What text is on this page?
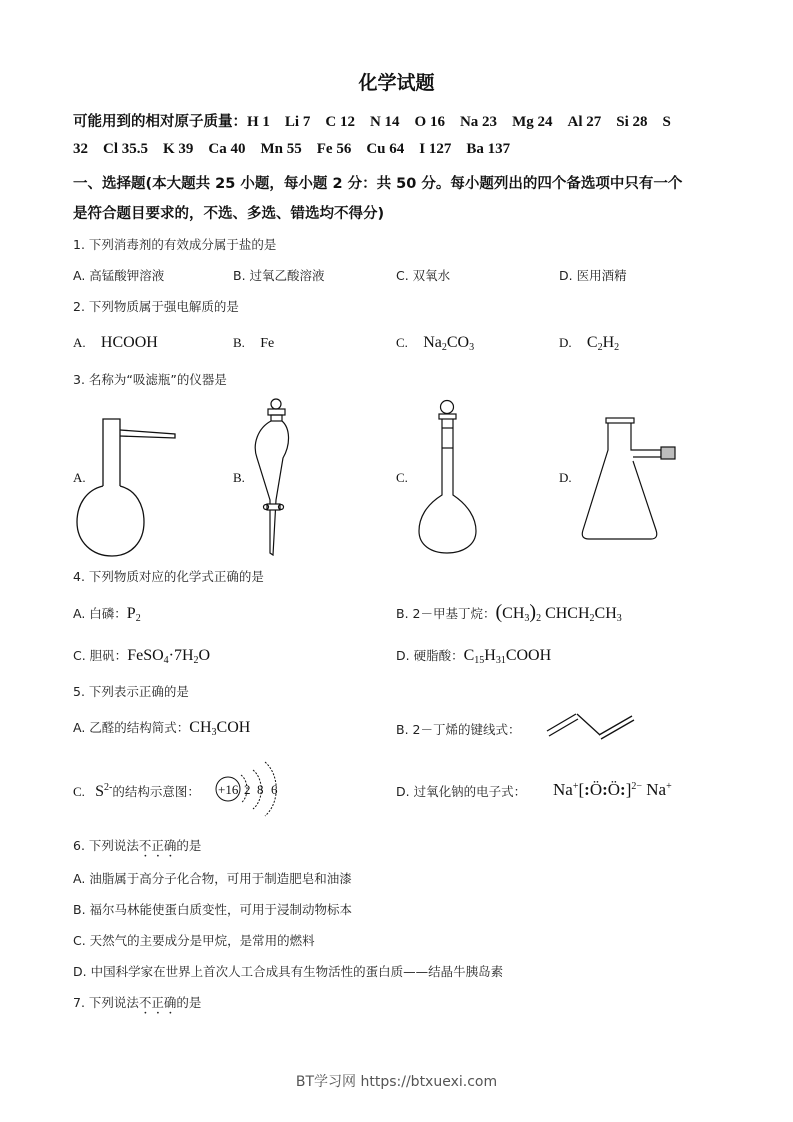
化学试题
可能用到的相对原子质量：H 1 Li 7 C 12 N 14 O 16 Na 23 Mg 24 Al 27 Si 28 S
32 Cl 35.5 K 39 Ca 40 Mn 55 Fe 56 Cu 64 I 127 Ba 137
一、选择题(本大题共 25 小题，每小题 2 分：共 50 分。每小题列出的四个备选项中只有一个
是符合题目要求的，不选、多选、错选均不得分)
1. 下列消毒剂的有效成分属于盐的是
A. 高锰酸钾溶液	B. 过氧乙酸溶液	C. 双氧水	D. 医用酒精
2. 下列物质属于强电解质的是
A. HCOOH	B. Fe	C. $Na_2CO_3$	D. $C_2H_2$
3. 名称为“吸滤瓶”的仪器是
A.	B.	C.	D.
4. 下列物质对应的化学式正确的是
A. 白磷：$P_2$	B. 2－甲基丁烷：$(CH_3)_2$ $CHCH_2CH_3$
C. 胆矾：$FeSO_4\cdot 7H_2O$	D. 硬脂酸：$C_{15}H_{31}COOH$
5. 下列表示正确的是
A. 乙醛的结构简式：$CH_3COH$	B. 2－丁烯的键线式：
C. $S^{2-}$的结构示意图： +16 2 8 6	D. 过氧化钠的电子式： Na+[:Ö:Ö:]$^{2-}$ Na+
6. 下列说法不正确的是
A. 油脂属于高分子化合物，可用于制造肥皂和油漆
B. 福尔马林能使蛋白质变性，可用于浸制动物标本
C. 天然气的主要成分是甲烷，是常用的燃料
D. 中国科学家在世界上首次人工合成具有生物活性的蛋白质——结晶牛胰岛素
7. 下列说法不正确的是
BT学习网 https://btxuexi.com
